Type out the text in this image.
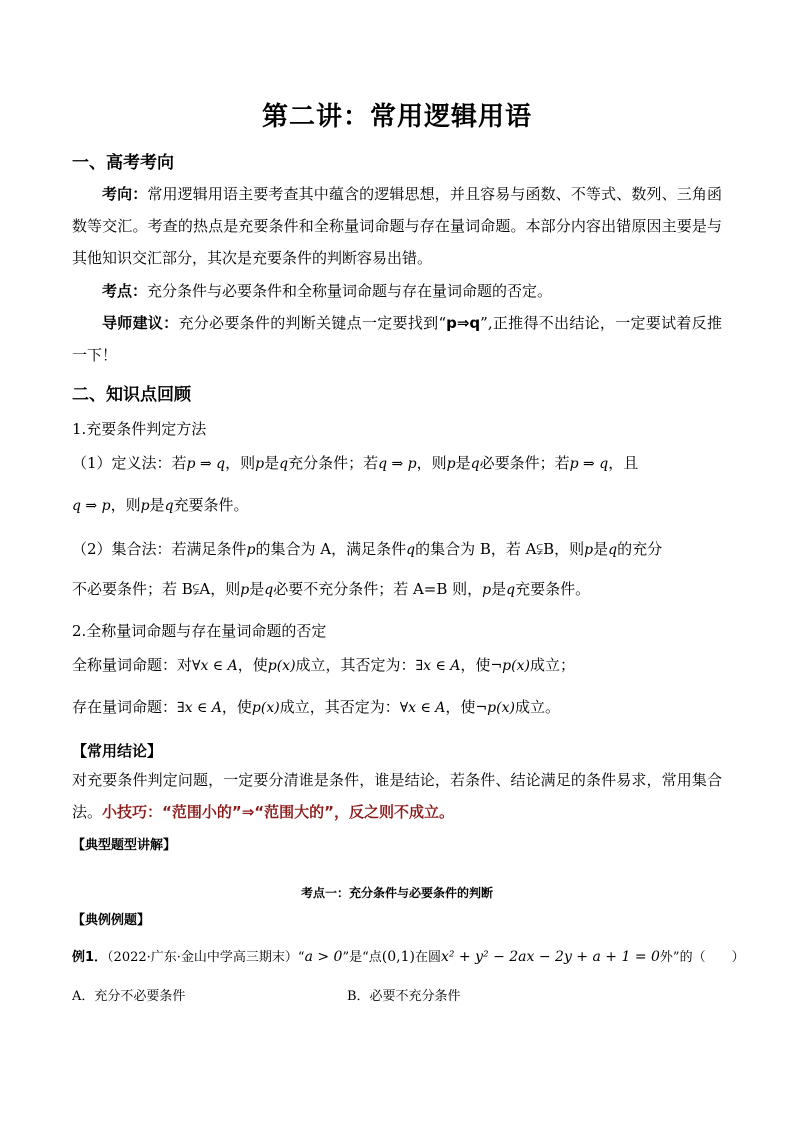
第二讲：常用逻辑用语
一、高考考向
考向：常用逻辑用语主要考查其中蕴含的逻辑思想，并且容易与函数、不等式、数列、三角函数等交汇。考查的热点是充要条件和全称量词命题与存在量词命题。本部分内容出错原因主要是与其他知识交汇部分，其次是充要条件的判断容易出错。
考点：充分条件与必要条件和全称量词命题与存在量词命题的否定。
导师建议：充分必要条件的判断关键点一定要找到“p⇒q”,正推得不出结论，一定要试着反推一下！
二、知识点回顾
1.充要条件判定方法
（1）定义法：若p ⇒ q，则p是q充分条件；若q ⇒ p，则p是q必要条件；若p ⇒ q，且
q ⇒ p，则p是q充要条件。
（2）集合法：若满足条件p的集合为 A，满足条件q的集合为 B，若 A⫋B，则p是q的充分
不必要条件；若 B⫋A，则p是q必要不充分条件；若 A=B 则，p是q充要条件。
2.全称量词命题与存在量词命题的否定
全称量词命题：对∀x ∈ A，使p(x)成立，其否定为：∃x ∈ A，使¬p(x)成立；
存在量词命题：∃x ∈ A，使p(x)成立，其否定为：∀x ∈ A，使¬p(x)成立。
【常用结论】
对充要条件判定问题，一定要分清谁是条件，谁是结论，若条件、结论满足的条件易求，常用集合法。小技巧：“范围小的”⇒“范围大的”，反之则不成立。
【典型题型讲解】
考点一：充分条件与必要条件的判断
【典例例题】
例1．（2022·广东·金山中学高三期末）“a > 0”是“点(0,1)在圆x² + y² − 2ax − 2y + a + 1 = 0外”的（　　）
A．充分不必要条件	B．必要不充分条件
